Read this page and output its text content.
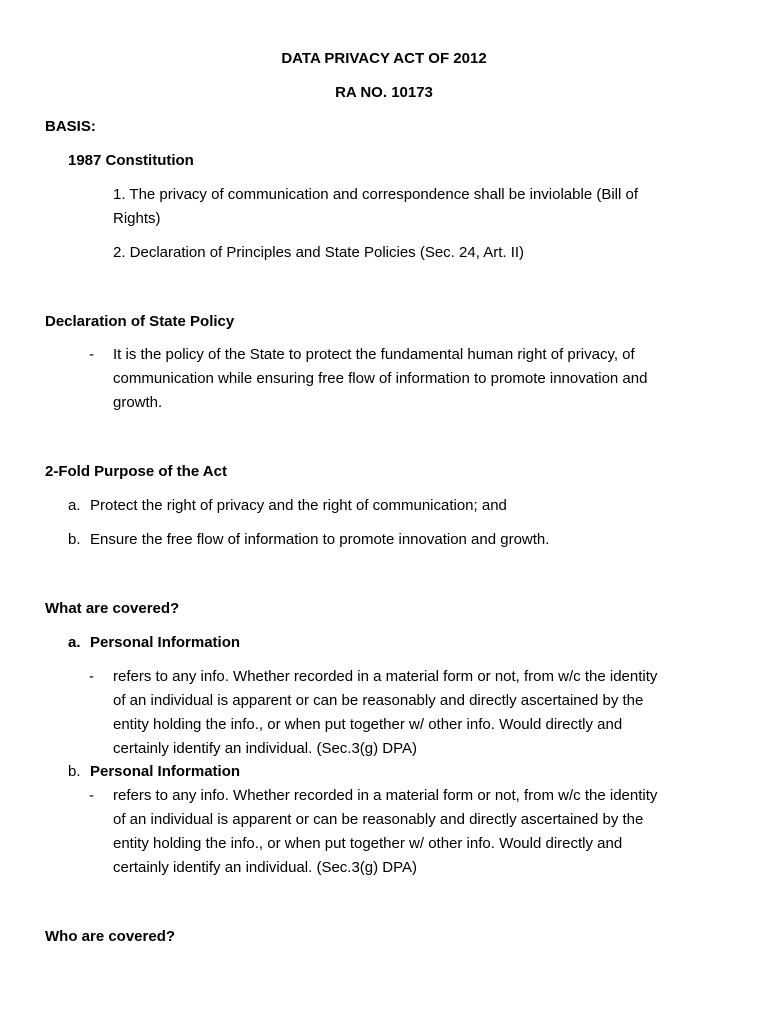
DATA PRIVACY ACT OF 2012
RA NO. 10173
BASIS:
1987 Constitution
1. The privacy of communication and correspondence shall be inviolable (Bill of
Rights)
2. Declaration of Principles and State Policies (Sec. 24, Art. II)
Declaration of State Policy
- It is the policy of the State to protect the fundamental human right of privacy, of
communication while ensuring free flow of information to promote innovation and
growth.
2-Fold Purpose of the Act
a. Protect the right of privacy and the right of communication; and
b. Ensure the free flow of information to promote innovation and growth.
What are covered?
a. Personal Information
- refers to any info. Whether recorded in a material form or not, from w/c the identity
of an individual is apparent or can be reasonably and directly ascertained by the
entity holding the info., or when put together w/ other info. Would directly and
certainly identify an individual. (Sec.3(g) DPA)
b. Personal Information
- refers to any info. Whether recorded in a material form or not, from w/c the identity
of an individual is apparent or can be reasonably and directly ascertained by the
entity holding the info., or when put together w/ other info. Would directly and
certainly identify an individual. (Sec.3(g) DPA)
Who are covered?
